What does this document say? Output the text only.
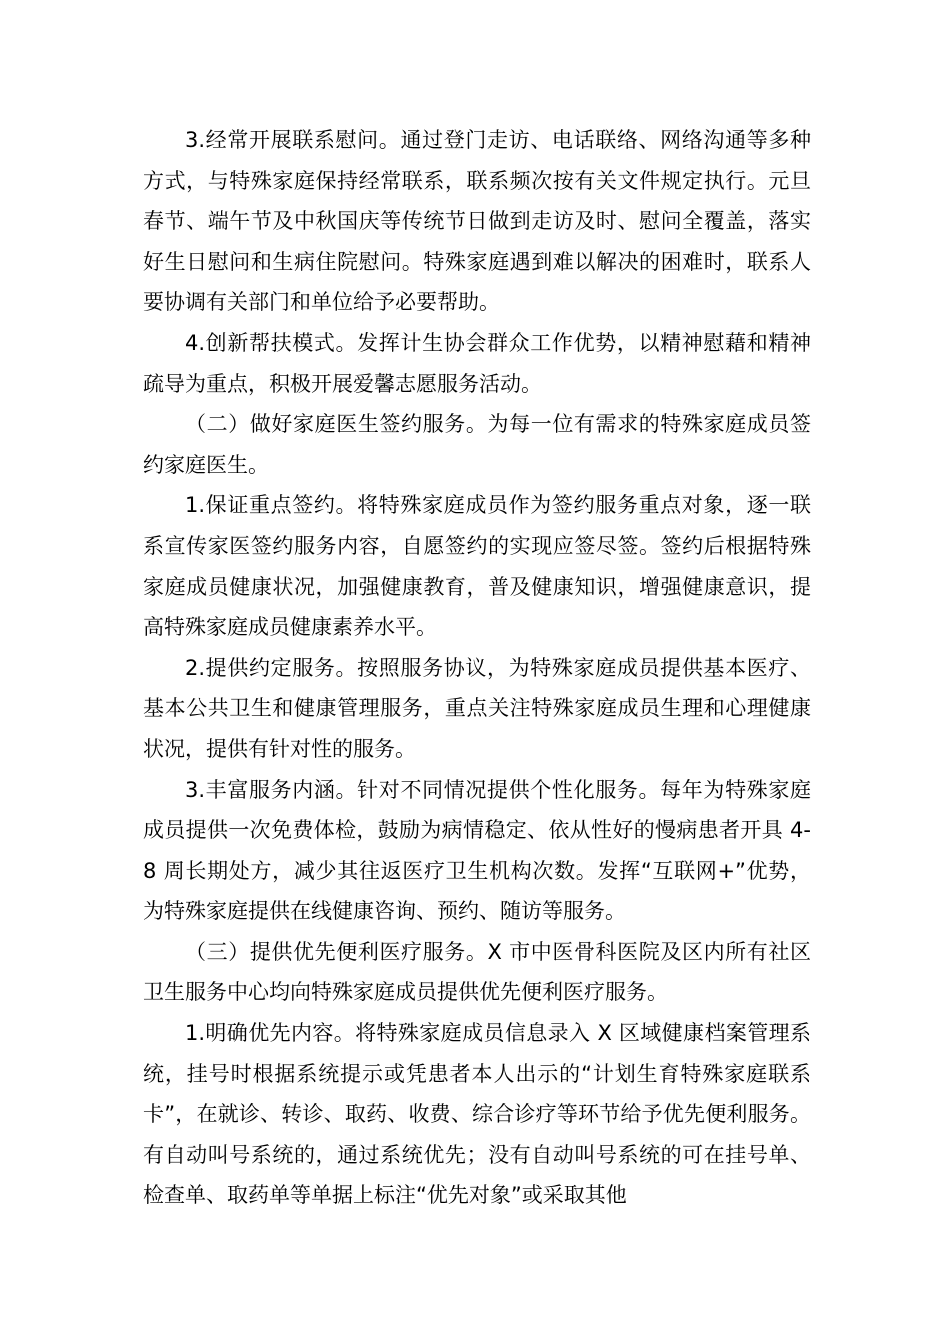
3.经常开展联系慰问。通过登门走访、电话联络、网络沟通等多种方式，与特殊家庭保持经常联系，联系频次按有关文件规定执行。元旦春节、端午节及中秋国庆等传统节日做到走访及时、慰问全覆盖，落实好生日慰问和生病住院慰问。特殊家庭遇到难以解决的困难时，联系人要协调有关部门和单位给予必要帮助。

4.创新帮扶模式。发挥计生协会群众工作优势，以精神慰藉和精神疏导为重点，积极开展爱馨志愿服务活动。

（二）做好家庭医生签约服务。为每一位有需求的特殊家庭成员签约家庭医生。

1.保证重点签约。将特殊家庭成员作为签约服务重点对象，逐一联系宣传家医签约服务内容，自愿签约的实现应签尽签。签约后根据特殊家庭成员健康状况，加强健康教育，普及健康知识，增强健康意识，提高特殊家庭成员健康素养水平。

2.提供约定服务。按照服务协议，为特殊家庭成员提供基本医疗、基本公共卫生和健康管理服务，重点关注特殊家庭成员生理和心理健康状况，提供有针对性的服务。

3.丰富服务内涵。针对不同情况提供个性化服务。每年为特殊家庭成员提供一次免费体检，鼓励为病情稳定、依从性好的慢病患者开具 4-8 周长期处方，减少其往返医疗卫生机构次数。发挥“互联网+”优势，为特殊家庭提供在线健康咨询、预约、随访等服务。

（三）提供优先便利医疗服务。X 市中医骨科医院及区内所有社区卫生服务中心均向特殊家庭成员提供优先便利医疗服务。

1.明确优先内容。将特殊家庭成员信息录入 X 区域健康档案管理系统，挂号时根据系统提示或凭患者本人出示的“计划生育特殊家庭联系卡”，在就诊、转诊、取药、收费、综合诊疗等环节给予优先便利服务。有自动叫号系统的，通过系统优先；没有自动叫号系统的可在挂号单、检查单、取药单等单据上标注“优先对象”或采取其他
